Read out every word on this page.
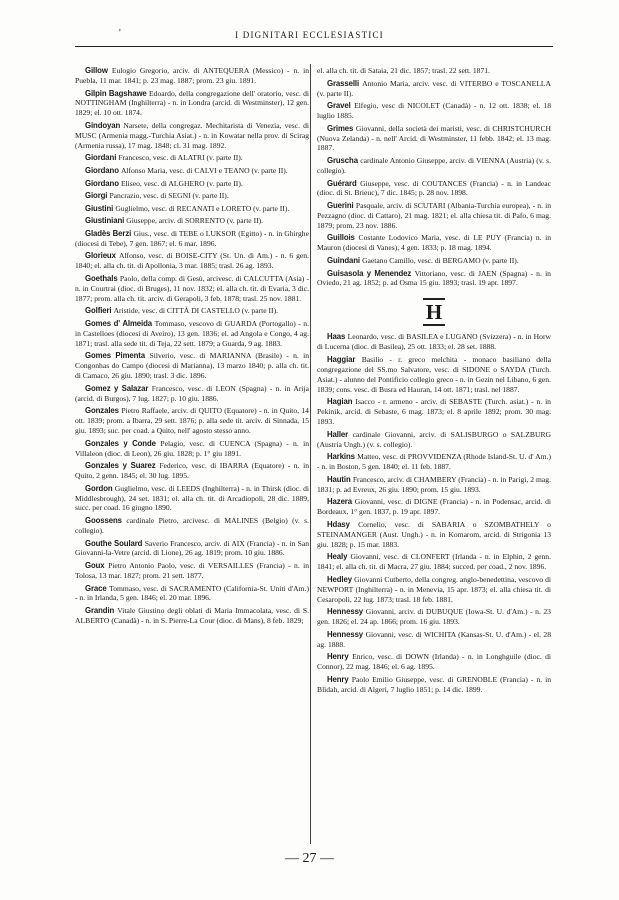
'	I DIGNITARI ECCLESIASTICI

Gillow Eulogio Gregorio, arciv. di ANTEQUERA (Messico) - n. in Puebla, 11 mar. 1841; p. 23 mag. 1887; prom. 23 giu. 1891.

Gilpin Bagshawe Edoardo, della congregazione dell' oratorio, vesc. di NOTTINGHAM (Inghilterra) - n. in Londra (arcid. di Westminster), 12 gen. 1829; el. 10 ott. 1874.

Gindoyan Narsete, della congregaz. Mechitarista di Venezia, vesc. di MUSC (Armenia magg.-Turchia Asiat.) - n. in Kowatar nella prov. di Scirag (Armenia russa), 17 mag. 1848; cl. 31 mag. 1892.

Giordani Francesco, vesc. di ALATRI (v. parte II).

Giordano Alfonso Maria, vesc. di CALVI e TEANO (v. parte II).

Giordano Eliseo, vesc. di ALGHERO (v. parte II).

Giorgi Pancrazio, vesc. di SEGNI (v. parte II).

Giustini Guglielmo, vesc. di RECANATI e LORETO (v. parte II).

Giustiniani Giuseppe, arciv. di SORRENTO (v. parte II).

Gladès Berzi Gius., vesc. di TEBE o LUKSOR (Egitto) - n. in Ghirghe (diocesi di Tebe), 7 gen. 1867; el. 6 mar. 1896.

Glorieux Alfonso, vesc. di BOISE-CITY (St. Un. di Am.) - n. 6 gen. 1840; el. alla ch. tit. di Apollonia, 3 mar. 1885; trasl. 26 ag. 1893.

Goethals Paolo, della comp. di Gesù, arcivesc. di CALCUTTA (Asia) - n. in Courtrai (dioc. di Bruges), 11 nov. 1832; el. alla ch. tit. di Evaria, 3 dic. 1877; prom. alla ch. tit. arciv. di Gerapoli, 3 feb. 1878; trasl. 25 nov. 1881.

Golfieri Aristide, vesc. di CITTÀ DI CASTELLO (v. parte II).

Gomes d' Almeida Tommaso, vescovo di GUARDA (Portogallo) - n. in Castelloes (diocesi di Aveiro), 13 gen. 1836; el. ad Angola e Congo, 4 ag. 1871; trasl. alla sede tit. di Teja, 22 sett. 1879; a Guarda, 9 ag. 1883.

Gomes Pimenta Silverio, vesc. di MARIANNA (Brasile) - n. in Congonhas do Campo (diocesi di Marianna), 13 marzo 1840; p. alla ch. tit. di Camaco, 26 giu. 1890; trasl. 3 dic. 1896.

Gomez y Salazar Francesco, vesc. di LEON (Spagna) - n. in Arija (arcid. di Burgos), 7 lug. 1827; p. 10 giu. 1886.

Gonzales Pietro Raffaele, arciv. di QUITO (Equatore) - n. in Quito, 14 ott. 1839; prom. a Ibarra, 29 sett. 1876; p. alla sede tit. arciv. di Sinnada, 15 giu. 1893; suc. per coad. a Quito, nell' agosto stesso anno.

Gonzales y Conde Pelagio, vesc. di CUENCA (Spagna) - n. in Villaleon (dioc. di Leon), 26 giu. 1828; p. 1° giu 1891.

Gonzales y Suarez Federico, vesc. di IBARRA (Equatore) - n. in Quito, 2 genn. 1845; el. 30 lug. 1895.

Gordon Guglielmo, vesc. di LEEDS (Inghilterra) - n. in Thirsk (dioc. di Middlesbrough), 24 set. 1831; el. alla ch. tit. di Arcadiopoli, 28 dic. 1889, succ. per coad. 16 giugno 1890.

Goossens cardinale Pietro, arcivesc. di MALINES (Belgio) (v. s. collegio).

Gouthe Soulard Saverio Francesco, arciv. di AIX (Francia) - n. in San Giovanni-la-Vetre (arcid. di Lione), 26 ag. 1819; prom. 10 giu. 1886.

Goux Pietro Antonio Paolo, vesc. di VERSAILLES (Francia) - n. in Tolosa, 13 mar. 1827; prom. 21 sett. 1877.

Grace Tommaso, vesc. di SACRAMENTO (California-St. Uniti d'Am.) - n. in Irlanda, 5 gen. 1846; el. 20 mar. 1896.

Grandin Vitale Giustino degli oblati di Maria Immacolata, vesc. di S. ALBERTO (Canadà) - n. in S. Pierre-La Cour (dioc. di Mans), 8 feb. 1829;

el. alla ch. tit. di Sataia, 21 dic. 1857; trasl. 22 sett. 1871.

Grasselli Antonio Maria, arciv. vesc. di VITERBO e TOSCANELLA (v. parte II).

Gravel Elfegio, vesc di NICOLET (Canadà) - n. 12 ott. 1838; el. 18 luglio 1885.

Grimes Giovanni, della società dei maristi, vesc. di CHRISTCHURCH (Nuova Zelanda) - n. nell' Arcid. di Westminster, 11 febb. 1842; el. 13 mag. 1887.

Gruscha cardinale Antonio Giuseppe, arciv. di VIENNA (Austria) (v. s. collegio).

Guérard Giuseppe, vesc. di COUTANCES (Francia) - n. in Landeac (dioc. di St. Brieuc), 7 dic. 1845; p. 28 nov. 1898.

Guerini Pasquale, arciv. di SCUTARI (Albania-Turchia europea), - n. in Pezzagno (dioc. di Cattaro), 21 mag. 1821; el. alla chiesa tit. di Pafo, 6 mag. 1879; prom. 23 nov. 1886.

Guillois Costante Lodovico Maria, vesc. di LE PUY (Francia) n. in Mauron (diocesi di Vanes), 4 gen. 1833; p. 18 mag. 1894.

Guindani Gaetano Camillo, vesc. di BERGAMO (v. parte II).

Guisasola y Menendez Vittoriano, vesc. di JAEN (Spagna) - n. in Oviedo, 21 ag. 1852; p. ad Osma 15 giu. 1893; trasl. 19 apr. 1897.

H

Haas Leonardo, vesc. di BASILEA e LUGANO (Svizzera) - n. in Horw di Lucerna (dioc. di Basilea), 25 ott. 1833; el. 28 set. 1888.

Haggiar Basilio - r. greco melchita - monaco basiliano della congregazione del SS.mo Salvatore, vesc. di SIDONE o SAYDA (Turch. Asiat.) - alunno del Pontificio collegio greco - n. in Gezin nel Libano, 6 gen. 1839; cons. vesc. di Busra ed Hauran, 14 ott. 1871; trasl. nel 1887.

Hagian Isacco - r. armeno - arciv. di SEBASTE (Turch. asiat.) - n. in Pekinik, arcid. di Sebaste, 6 mag. 1873; el. 8 aprile 1892; prom. 30 mag. 1893.

Haller cardinale Giovanni, arciv. di SALISBURGO o SALZBURG (Austria Ungh.) (v. s. collegio).

Harkins Matteo, vesc. di PROVVIDENZA (Rhode Island-St. U. d' Am.) - n. in Boston, 5 gen. 1840; el. 11 feb. 1887.

Hautin Francesco, arciv. di CHAMBERY (Francia) - n. in Parigi, 2 mag. 1831; p. ad Evreux, 26 giu. 1890; prom. 15 giu. 1893.

Hazera Giovanni, vesc. di DIGNE (Francia) - n. in Podensac, arcid. di Bordeaux, 1° gen. 1837, p. 19 apr. 1897.

Hdasy Cornelio, vesc. di SABARIA o SZOMBATHELY o STEINAMANGER (Aust. Ungh.) - n. in Komarom, arcid. di Strigonia 13 giu. 1828; p. 15 mar. 1883.

Healy Giovanni, vesc. di CLONFERT (Irlanda - n. in Elphin, 2 genn. 1841; el. alla ch. tit. di Macra, 27 giu. 1884; succed. per coad., 2 nov. 1896.

Hedley Giovanni Cutberto, della congreg. anglo-benedettina, vescovo di NEWPORT (Inghilterra) - n. in Menevia, 15 apr. 1873; el. alla chiesa tit. di Cesaropoli, 22 lug. 1873; trasl. 18 feb. 1881.

Hennessy Giovanni, arciv. di DUBUQUE (Iowa-St. U. d'Am.) - n. 23 gen. 1826; el. 24 ap. 1866; prom. 16 giu. 1893.

Hennessy Giovanni, vesc. di WICHITA (Kansas-St. U. d'Am.) - el. 28 ag. 1888.

Henry Enrico, vesc. di DOWN (Irlanda) - n. in Longhguile (dioc. di Connor), 22 mag. 1846; el. 6 ag. 1895.

Henry Paolo Emilio Giuseppe, vesc. di GRENOBLE (Francia) - n. in Blidah, arcid. di Algeri, 7 luglio 1851; p. 14 dic. 1899.

— 27 —
